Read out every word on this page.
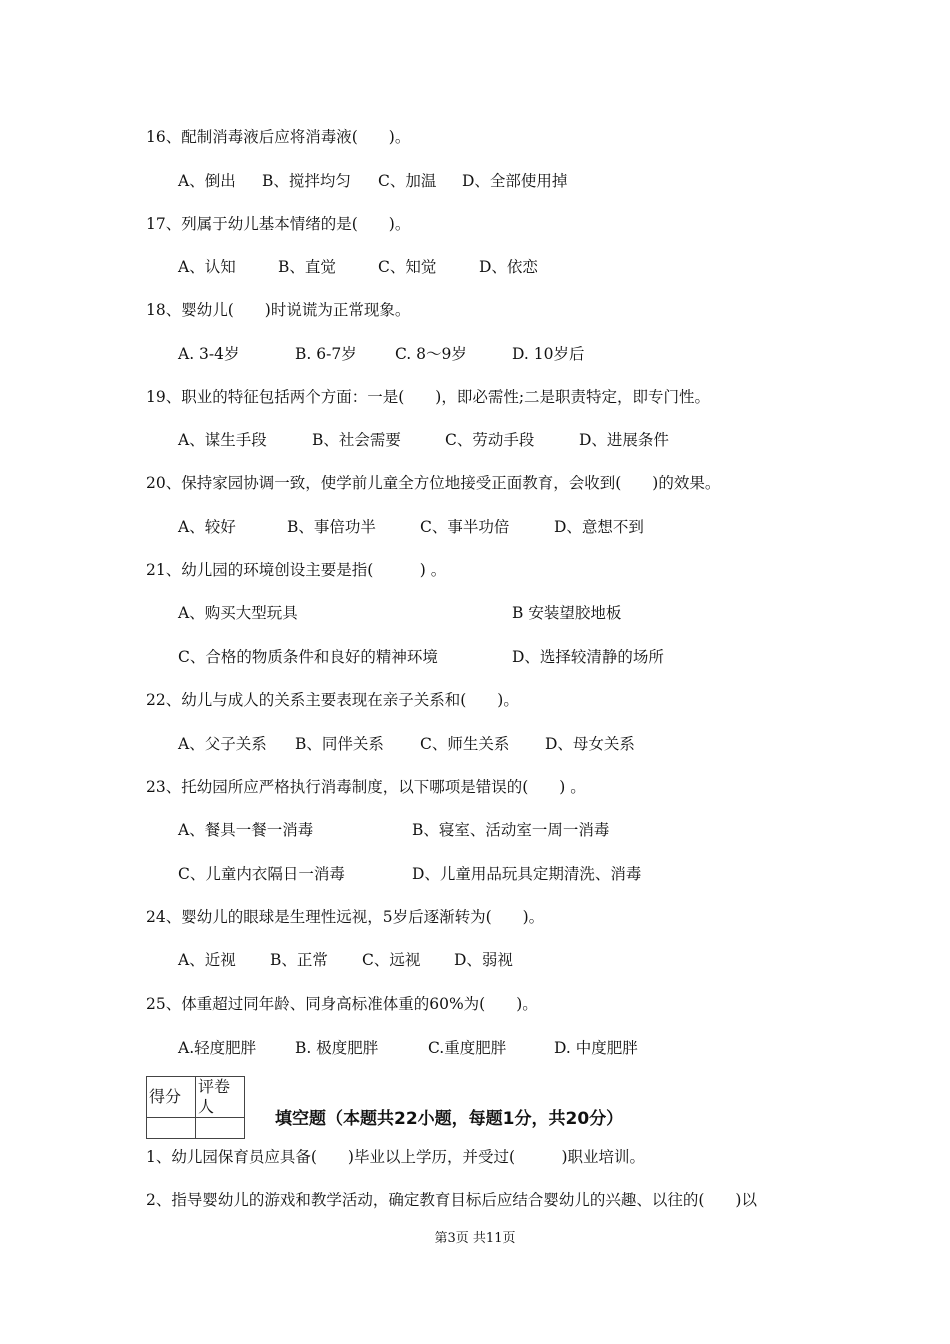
16、配制消毒液后应将消毒液(　　)。
A、倒出 B、搅拌均匀 C、加温 D、全部使用掉
17、列属于幼儿基本情绪的是(　　)。
A、认知	B、直觉	C、知觉	D、依恋
18、婴幼儿(　　)时说谎为正常现象。
A. 3-4岁	B. 6-7岁 C. 8～9岁	D. 10岁后
19、职业的特征包括两个方面：一是(　　)，即必需性;二是职责特定，即专门性。
A、谋生手段	B、社会需要	C、劳动手段	D、进展条件
20、保持家园协调一致，使学前儿童全方位地接受正面教育，会收到(　　)的效果。
A、较好	B、事倍功半	C、事半功倍	D、意想不到
21、幼儿园的环境创设主要是指(　　　) 。
A、购买大型玩具	B 安装望胶地板
C、合格的物质条件和良好的精神环境	D、选择较清静的场所
22、幼儿与成人的关系主要表现在亲子关系和(　　)。
A、父子关系 B、同伴关系 C、师生关系 D、母女关系
23、托幼园所应严格执行消毒制度，以下哪项是错误的(　　) 。
A、餐具一餐一消毒	B、寝室、活动室一周一消毒
C、儿童内衣隔日一消毒	D、儿童用品玩具定期清洗、消毒
24、婴幼儿的眼球是生理性远视，5岁后逐渐转为(　　)。
A、近视 B、正常 C、远视 D、弱视
25、体重超过同年龄、同身高标准体重的60%为(　　)。
A.轻度肥胖	B. 极度肥胖	C.重度肥胖	D. 中度肥胖
得分	评卷人

填空题（本题共22小题，每题1分，共20分）
1、幼儿园保育员应具备(　　)毕业以上学历，并受过(　　　)职业培训。
2、指导婴幼儿的游戏和教学活动，确定教育目标后应结合婴幼儿的兴趣、以往的(　　)以
第3页 共11页
